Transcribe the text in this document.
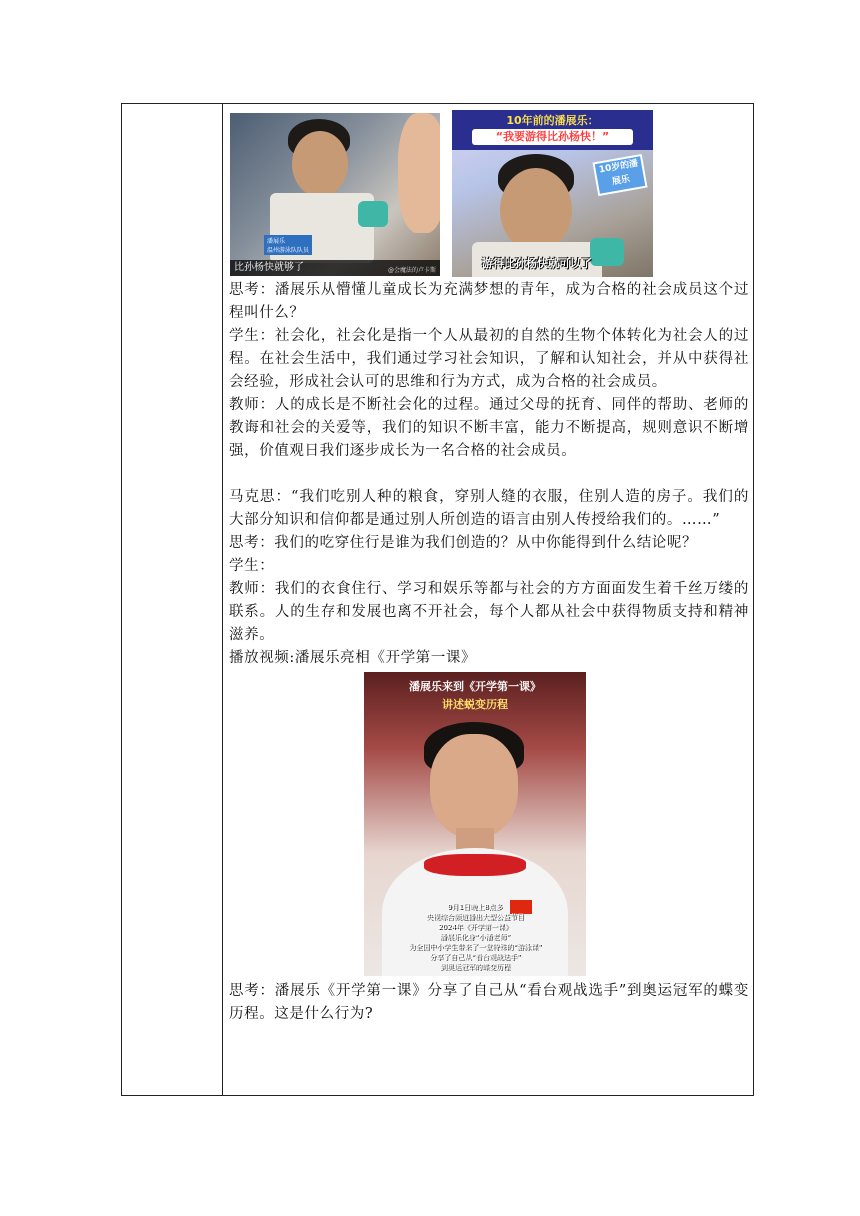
潘展乐
温州游泳队队员
比孙杨快就够了	@会魔法的卢卡斯
10年前的潘展乐：
“我要游得比孙杨快！”
10岁的潘展乐
游得比孙杨快就可以了

思考：潘展乐从懵懂儿童成长为充满梦想的青年，成为合格的社会成员这个过程叫什么？

学生：社会化，社会化是指一个人从最初的自然的生物个体转化为社会人的过程。在社会生活中，我们通过学习社会知识，了解和认知社会，并从中获得社会经验，形成社会认可的思维和行为方式，成为合格的社会成员。

教师：人的成长是不断社会化的过程。通过父母的抚育、同伴的帮助、老师的教诲和社会的关爱等，我们的知识不断丰富，能力不断提高，规则意识不断增强，价值观日我们逐步成长为一名合格的社会成员。

马克思：“我们吃别人种的粮食，穿别人缝的衣服，住别人造的房子。我们的大部分知识和信仰都是通过别人所创造的语言由别人传授给我们的。……”

思考：我们的吃穿住行是谁为我们创造的？从中你能得到什么结论呢？

学生：

教师：我们的衣食住行、学习和娱乐等都与社会的方方面面发生着千丝万缕的联系。人的生存和发展也离不开社会，每个人都从社会中获得物质支持和精神滋养。

播放视频:潘展乐亮相《开学第一课》

潘展乐来到《开学第一课》
讲述蜕变历程
9月1日晚上8点多
央视综合频道播出大型公益节目
2024年《开学第一课》
潘展乐化身“小潘老师”
为全国中小学生带来了一堂特殊的“游泳课”
分享了自己从“看台观战选手”
到奥运冠军的蝶变历程

思考：潘展乐《开学第一课》分享了自己从“看台观战选手”到奥运冠军的蝶变历程。这是什么行为?
